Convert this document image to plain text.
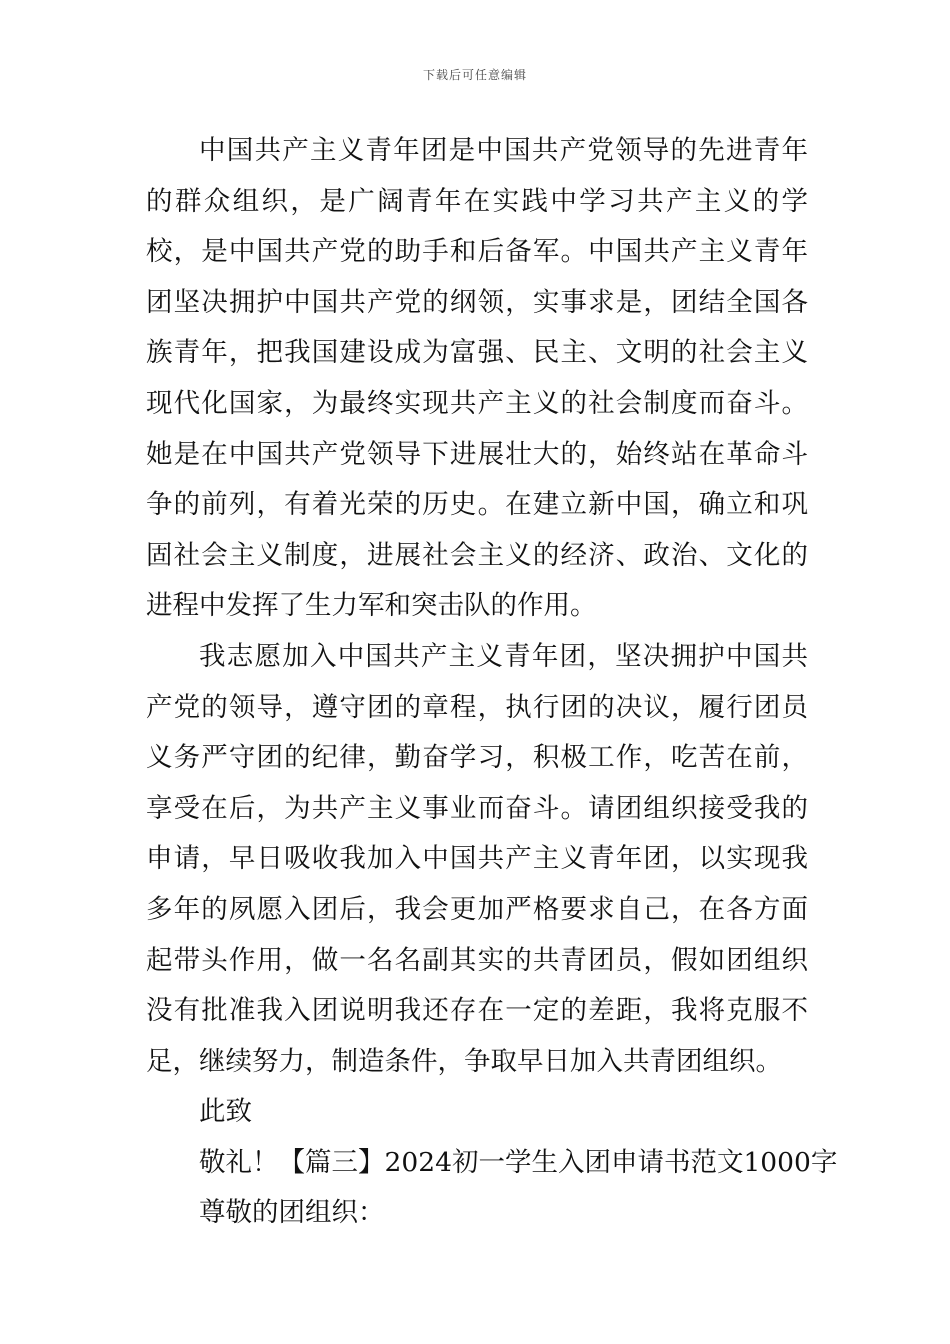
下载后可任意编辑

中国共产主义青年团是中国共产党领导的先进青年的群众组织，是广阔青年在实践中学习共产主义的学校，是中国共产党的助手和后备军。中国共产主义青年团坚决拥护中国共产党的纲领，实事求是，团结全国各族青年，把我国建设成为富强、民主、文明的社会主义现代化国家，为最终实现共产主义的社会制度而奋斗。她是在中国共产党领导下进展壮大的，始终站在革命斗争的前列，有着光荣的历史。在建立新中国，确立和巩固社会主义制度，进展社会主义的经济、政治、文化的进程中发挥了生力军和突击队的作用。

我志愿加入中国共产主义青年团，坚决拥护中国共产党的领导，遵守团的章程，执行团的决议，履行团员义务严守团的纪律，勤奋学习，积极工作，吃苦在前，享受在后，为共产主义事业而奋斗。请团组织接受我的申请，早日吸收我加入中国共产主义青年团，以实现我多年的夙愿入团后，我会更加严格要求自己，在各方面起带头作用，做一名名副其实的共青团员，假如团组织没有批准我入团说明我还存在一定的差距，我将克服不足，继续努力，制造条件，争取早日加入共青团组织。

此致

敬礼！【篇三】2024初一学生入团申请书范文1000字

尊敬的团组织：
